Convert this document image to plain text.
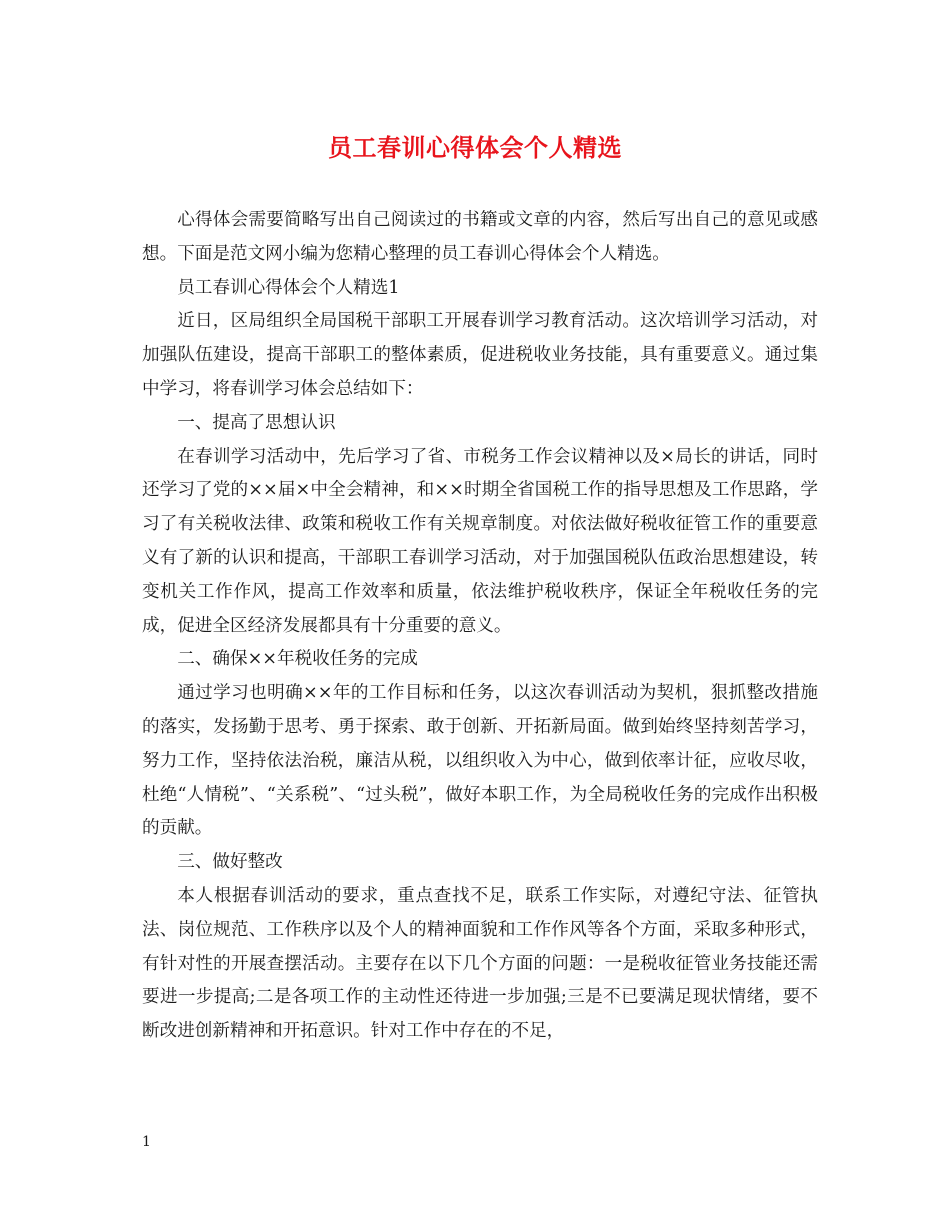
员工春训心得体会个人精选

心得体会需要简略写出自己阅读过的书籍或文章的内容，然后写出自己的意见或感想。下面是范文网小编为您精心整理的员工春训心得体会个人精选。

员工春训心得体会个人精选1

近日，区局组织全局国税干部职工开展春训学习教育活动。这次培训学习活动，对加强队伍建设，提高干部职工的整体素质，促进税收业务技能，具有重要意义。通过集中学习，将春训学习体会总结如下：

一、提高了思想认识

在春训学习活动中，先后学习了省、市税务工作会议精神以及×局长的讲话，同时还学习了党的××届×中全会精神，和××时期全省国税工作的指导思想及工作思路，学习了有关税收法律、政策和税收工作有关规章制度。对依法做好税收征管工作的重要意义有了新的认识和提高，干部职工春训学习活动，对于加强国税队伍政治思想建设，转变机关工作作风，提高工作效率和质量，依法维护税收秩序，保证全年税收任务的完成，促进全区经济发展都具有十分重要的意义。

二、确保××年税收任务的完成

通过学习也明确××年的工作目标和任务，以这次春训活动为契机，狠抓整改措施的落实，发扬勤于思考、勇于探索、敢于创新、开拓新局面。做到始终坚持刻苦学习，努力工作，坚持依法治税，廉洁从税，以组织收入为中心，做到依率计征，应收尽收，杜绝“人情税”、“关系税”、“过头税”，做好本职工作，为全局税收任务的完成作出积极的贡献。

三、做好整改

本人根据春训活动的要求，重点查找不足，联系工作实际，对遵纪守法、征管执法、岗位规范、工作秩序以及个人的精神面貌和工作作风等各个方面，采取多种形式，有针对性的开展查摆活动。主要存在以下几个方面的问题：一是税收征管业务技能还需要进一步提高;二是各项工作的主动性还待进一步加强;三是不已要满足现状情绪，要不断改进创新精神和开拓意识。针对工作中存在的不足，

1
